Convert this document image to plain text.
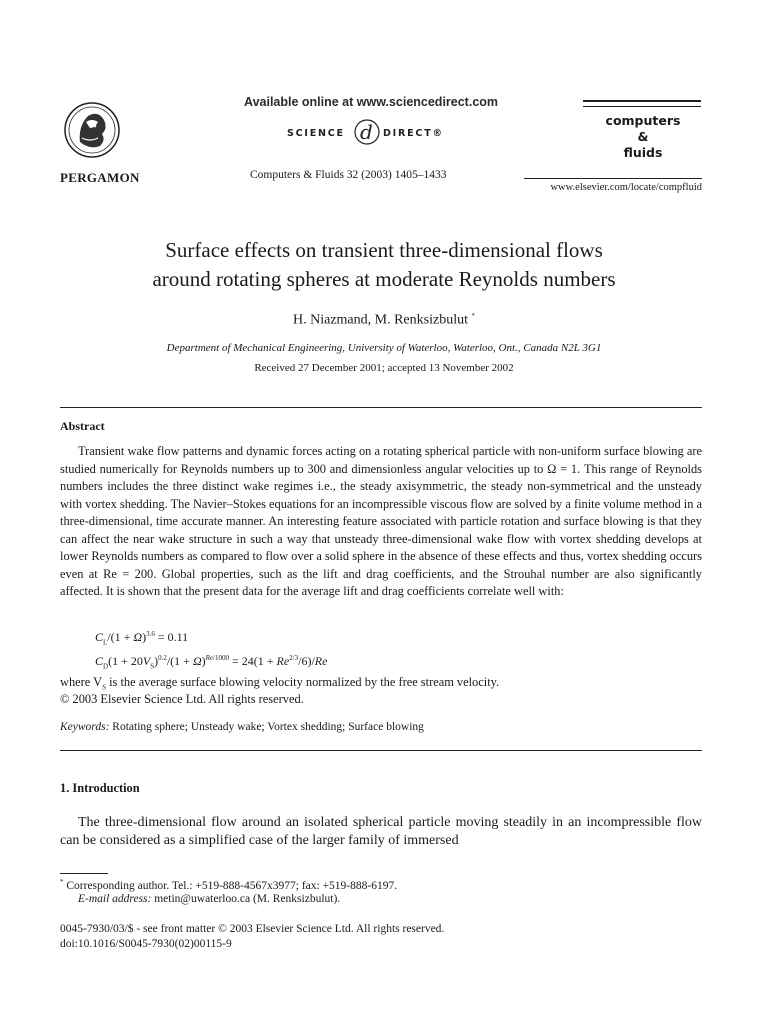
PERGAMON
Available online at www.sciencedirect.com
SCIENCE d DIRECT®
Computers & Fluids 32 (2003) 1405–1433
computers
&
fluids
www.elsevier.com/locate/compfluid
Surface effects on transient three-dimensional flows
around rotating spheres at moderate Reynolds numbers
H. Niazmand, M. Renksizbulut *
Department of Mechanical Engineering, University of Waterloo, Waterloo, Ont., Canada N2L 3G1
Received 27 December 2001; accepted 13 November 2002
Abstract

Transient wake flow patterns and dynamic forces acting on a rotating spherical particle with non-uniform surface blowing are studied numerically for Reynolds numbers up to 300 and dimensionless angular velocities up to Ω = 1. This range of Reynolds numbers includes the three distinct wake regimes i.e., the steady axisymmetric, the steady non-symmetrical and the unsteady with vortex shedding. The Navier–Stokes equations for an incompressible viscous flow are solved by a finite volume method in a three-dimensional, time accurate manner. An interesting feature associated with particle rotation and surface blowing is that they can affect the near wake structure in such a way that unsteady three-dimensional wake flow with vortex shedding develops at lower Reynolds numbers as compared to flow over a solid sphere in the absence of these effects and thus, vortex shedding occurs even at Re = 200. Global properties, such as the lift and drag coefficients, and the Strouhal number are also significantly affected. It is shown that the present data for the average lift and drag coefficients correlate well with:

$C_L/(1 + \Omega)^{3.6} = 0.11$
$C_D(1 + 20V_S)^{0.2}/(1 + \Omega)^{Re/1000} = 24(1 + Re^{2/3}/6)/Re$
where $V_S$ is the average surface blowing velocity normalized by the free stream velocity.
© 2003 Elsevier Science Ltd. All rights reserved.
Keywords: Rotating sphere; Unsteady wake; Vortex shedding; Surface blowing
1. Introduction

The three-dimensional flow around an isolated spherical particle moving steadily in an incompressible flow can be considered as a simplified case of the larger family of immersed

* Corresponding author. Tel.: +519-888-4567x3977; fax: +519-888-6197.
E-mail address: metin@uwaterloo.ca (M. Renksizbulut).
0045-7930/03/$ - see front matter © 2003 Elsevier Science Ltd. All rights reserved.
doi:10.1016/S0045-7930(02)00115-9
